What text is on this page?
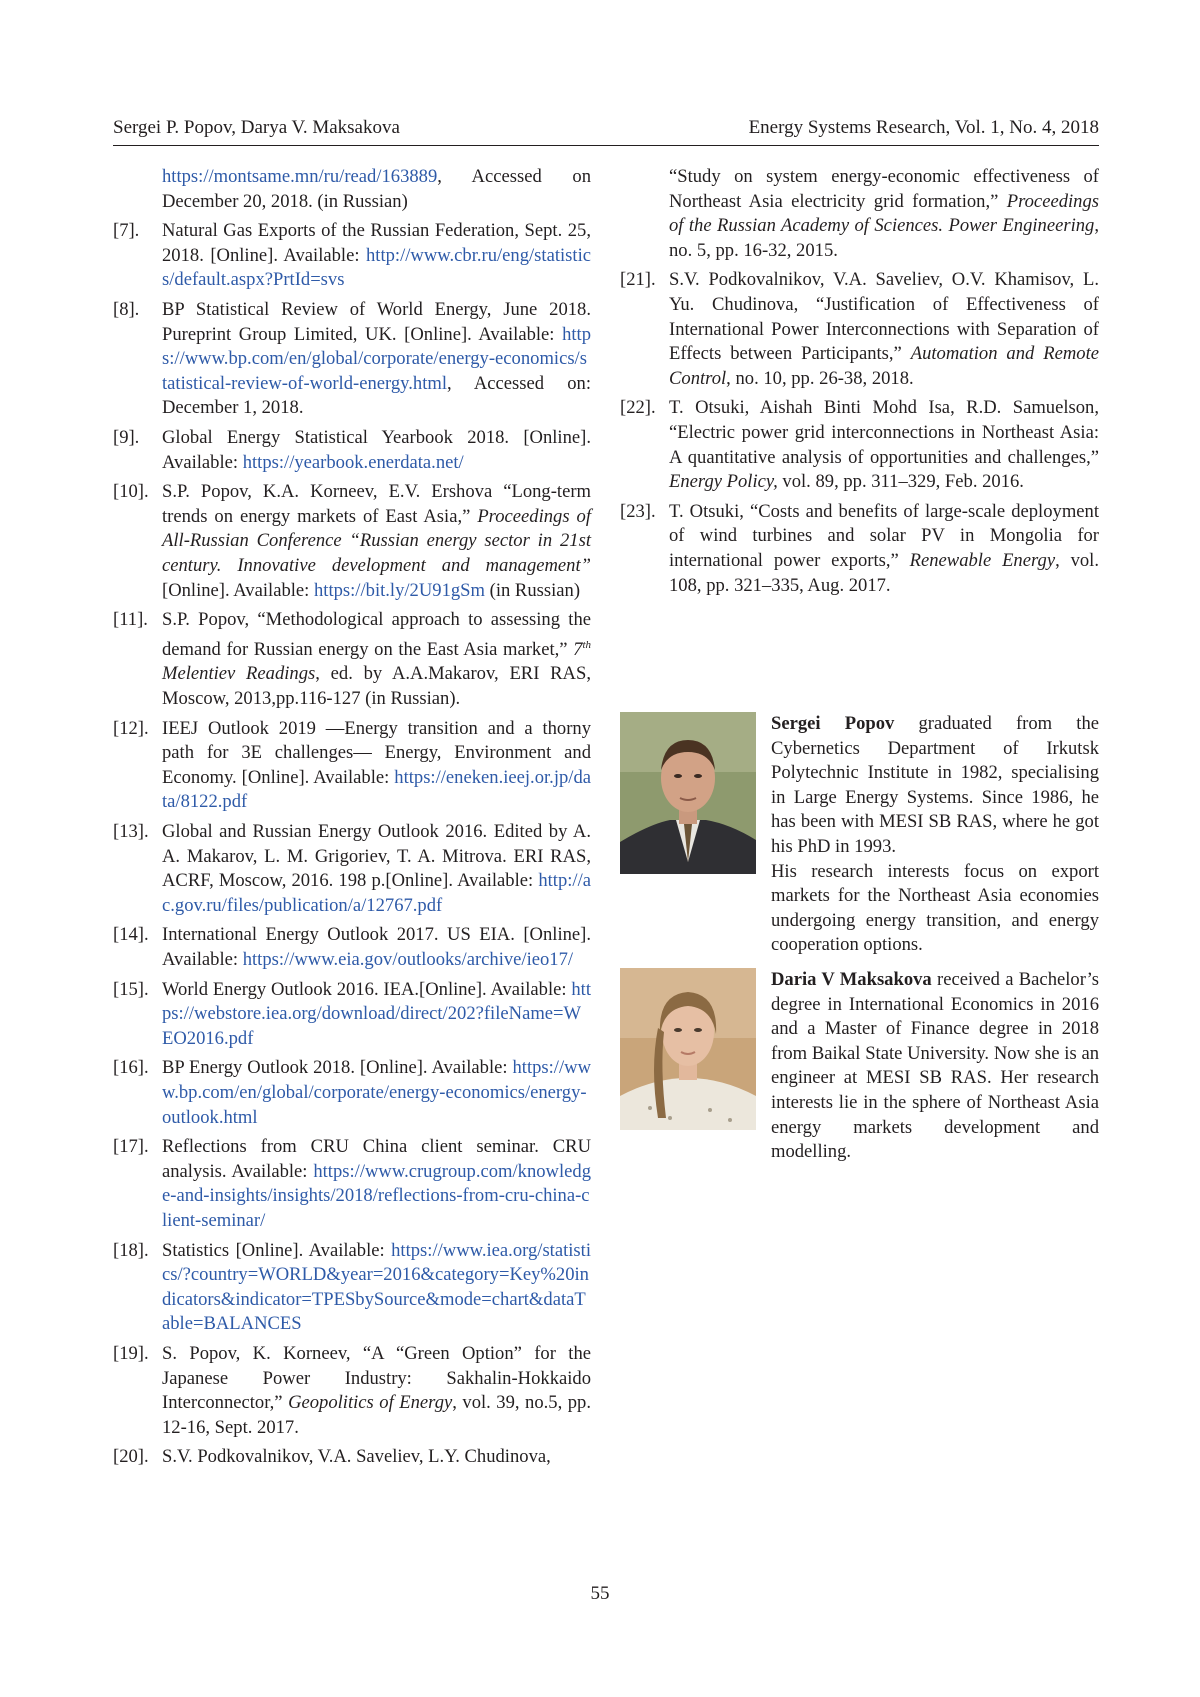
Sergei P. Popov, Darya V. Maksakova	Energy Systems Research, Vol. 1, No. 4, 2018
https://montsame.mn/ru/read/163889, Accessed on December 20, 2018. (in Russian)
[7]. Natural Gas Exports of the Russian Federation, Sept. 25, 2018. [Online]. Available: http://www.cbr.ru/eng/statistics/default.aspx?PrtId=svs
[8]. BP Statistical Review of World Energy, June 2018. Pureprint Group Limited, UK. [Online]. Available: https://www.bp.com/en/global/corporate/energy-economics/statistical-review-of-world-energy.html, Accessed on: December 1, 2018.
[9]. Global Energy Statistical Yearbook 2018. [Online]. Available: https://yearbook.enerdata.net/
[10]. S.P. Popov, K.A. Korneev, E.V. Ershova “Long-term trends on energy markets of East Asia,” Proceedings of All-Russian Conference “Russian energy sector in 21st century. Innovative development and management” [Online]. Available: https://bit.ly/2U91gSm (in Russian)
[11]. S.P. Popov, “Methodological approach to assessing the demand for Russian energy on the East Asia market,” 7th Melentiev Readings, ed. by A.A.Makarov, ERI RAS, Moscow, 2013,pp.116-127 (in Russian).
[12]. IEEJ Outlook 2019 —Energy transition and a thorny path for 3E challenges— Energy, Environment and Economy. [Online]. Available: https://eneken.ieej.or.jp/data/8122.pdf
[13]. Global and Russian Energy Outlook 2016. Edited by A. A. Makarov, L. M. Grigoriev, T. A. Mitrova. ERI RAS, ACRF, Moscow, 2016. 198 p.[Online]. Available: http://ac.gov.ru/files/publication/a/12767.pdf
[14]. International Energy Outlook 2017. US EIA. [Online]. Available: https://www.eia.gov/outlooks/archive/ieo17/
[15]. World Energy Outlook 2016. IEA.[Online]. Available: https://webstore.iea.org/download/direct/202?fileName=WEO2016.pdf
[16]. BP Energy Outlook 2018. [Online]. Available: https://www.bp.com/en/global/corporate/energy-economics/energy-outlook.html
[17]. Reflections from CRU China client seminar. CRU analysis. Available: https://www.crugroup.com/knowledge-and-insights/insights/2018/reflections-from-cru-china-client-seminar/
[18]. Statistics [Online]. Available: https://www.iea.org/statistics/?country=WORLD&year=2016&category=Key%20indicators&indicator=TPESbySource&mode=chart&dataTable=BALANCES
[19]. S. Popov, K. Korneev, “A “Green Option” for the Japanese Power Industry: Sakhalin-Hokkaido Interconnector,” Geopolitics of Energy, vol. 39, no.5, pp. 12-16, Sept. 2017.
[20]. S.V. Podkovalnikov, V.A. Saveliev, L.Y. Chudinova,
“Study on system energy-economic effectiveness of Northeast Asia electricity grid formation,” Proceedings of the Russian Academy of Sciences. Power Engineering, no. 5, pp. 16-32, 2015.
[21]. S.V. Podkovalnikov, V.A. Saveliev, O.V. Khamisov, L. Yu. Chudinova, “Justification of Effectiveness of International Power Interconnections with Separation of Effects between Participants,” Automation and Remote Control, no. 10, pp. 26-38, 2018.
[22]. T. Otsuki, Aishah Binti Mohd Isa, R.D. Samuelson, “Electric power grid interconnections in Northeast Asia: A quantitative analysis of opportunities and challenges,” Energy Policy, vol. 89, pp. 311–329, Feb. 2016.
[23]. T. Otsuki, “Costs and benefits of large-scale deployment of wind turbines and solar PV in Mongolia for international power exports,” Renewable Energy, vol. 108, pp. 321–335, Aug. 2017.
Sergei Popov graduated from the Cybernetics Department of Irkutsk Polytechnic Institute in 1982, specialising in Large Energy Systems. Since 1986, he has been with MESI SB RAS, where he got his PhD in 1993.
His research interests focus on export markets for the Northeast Asia economies undergoing energy transition, and energy cooperation options.
Daria V Maksakova received a Bachelor’s degree in International Economics in 2016 and a Master of Finance degree in 2018 from Baikal State University. Now she is an engineer at MESI SB RAS. Her research interests lie in the sphere of Northeast Asia energy markets development and modelling.
55
